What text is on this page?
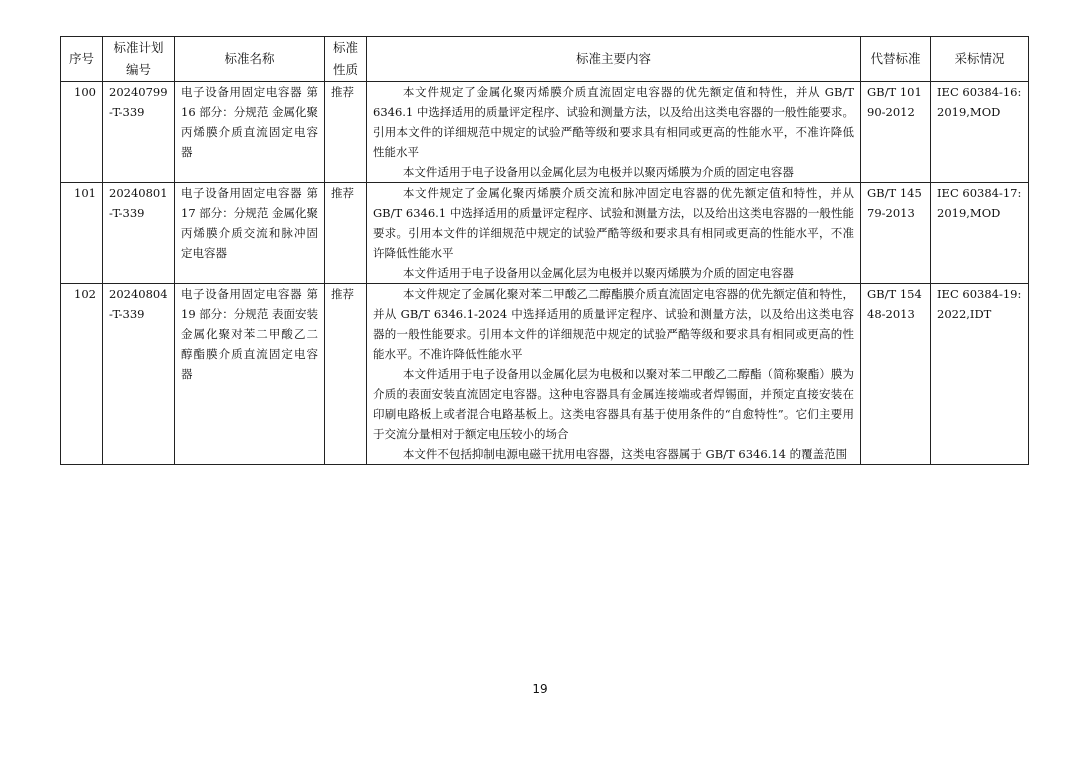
序号	标准计划编号	标准名称	标准性质	标准主要内容	代替标准	采标情况
100	20240799-T-339	电子设备用固定电容器 第 16 部分：分规范 金属化聚丙烯膜介质直流固定电容器	推荐	本文件规定了金属化聚丙烯膜介质直流固定电容器的优先额定值和特性，并从 GB/T 6346.1 中选择适用的质量评定程序、试验和测量方法，以及给出这类电容器的一般性能要求。引用本文件的详细规范中规定的试验严酷等级和要求具有相同或更高的性能水平，不准许降低性能水平

本文件适用于电子设备用以金属化层为电极并以聚丙烯膜为介质的固定电容器	GB/T 10190-2012	IEC 60384-16:2019,MOD
101	20240801-T-339	电子设备用固定电容器 第 17 部分：分规范 金属化聚丙烯膜介质交流和脉冲固定电容器	推荐	本文件规定了金属化聚丙烯膜介质交流和脉冲固定电容器的优先额定值和特性，并从 GB/T 6346.1 中选择适用的质量评定程序、试验和测量方法，以及给出这类电容器的一般性能要求。引用本文件的详细规范中规定的试验严酷等级和要求具有相同或更高的性能水平，不准许降低性能水平

本文件适用于电子设备用以金属化层为电极并以聚丙烯膜为介质的固定电容器	GB/T 14579-2013	IEC 60384-17:2019,MOD
102	20240804-T-339	电子设备用固定电容器 第 19 部分：分规范 表面安装金属化聚对苯二甲酸乙二醇酯膜介质直流固定电容器	推荐	本文件规定了金属化聚对苯二甲酸乙二醇酯膜介质直流固定电容器的优先额定值和特性，并从 GB/T 6346.1-2024 中选择适用的质量评定程序、试验和测量方法，以及给出这类电容器的一般性能要求。引用本文件的详细规范中规定的试验严酷等级和要求具有相同或更高的性能水平。不准许降低性能水平

本文件适用于电子设备用以金属化层为电极和以聚对苯二甲酸乙二醇酯（简称聚酯）膜为介质的表面安装直流固定电容器。这种电容器具有金属连接端或者焊锡面，并预定直接安装在印刷电路板上或者混合电路基板上。这类电容器具有基于使用条件的“自愈特性”。它们主要用于交流分量相对于额定电压较小的场合

本文件不包括抑制电源电磁干扰用电容器，这类电容器属于 GB/T 6346.14 的覆盖范围	GB/T 15448-2013	IEC 60384-19:2022,IDT
19
